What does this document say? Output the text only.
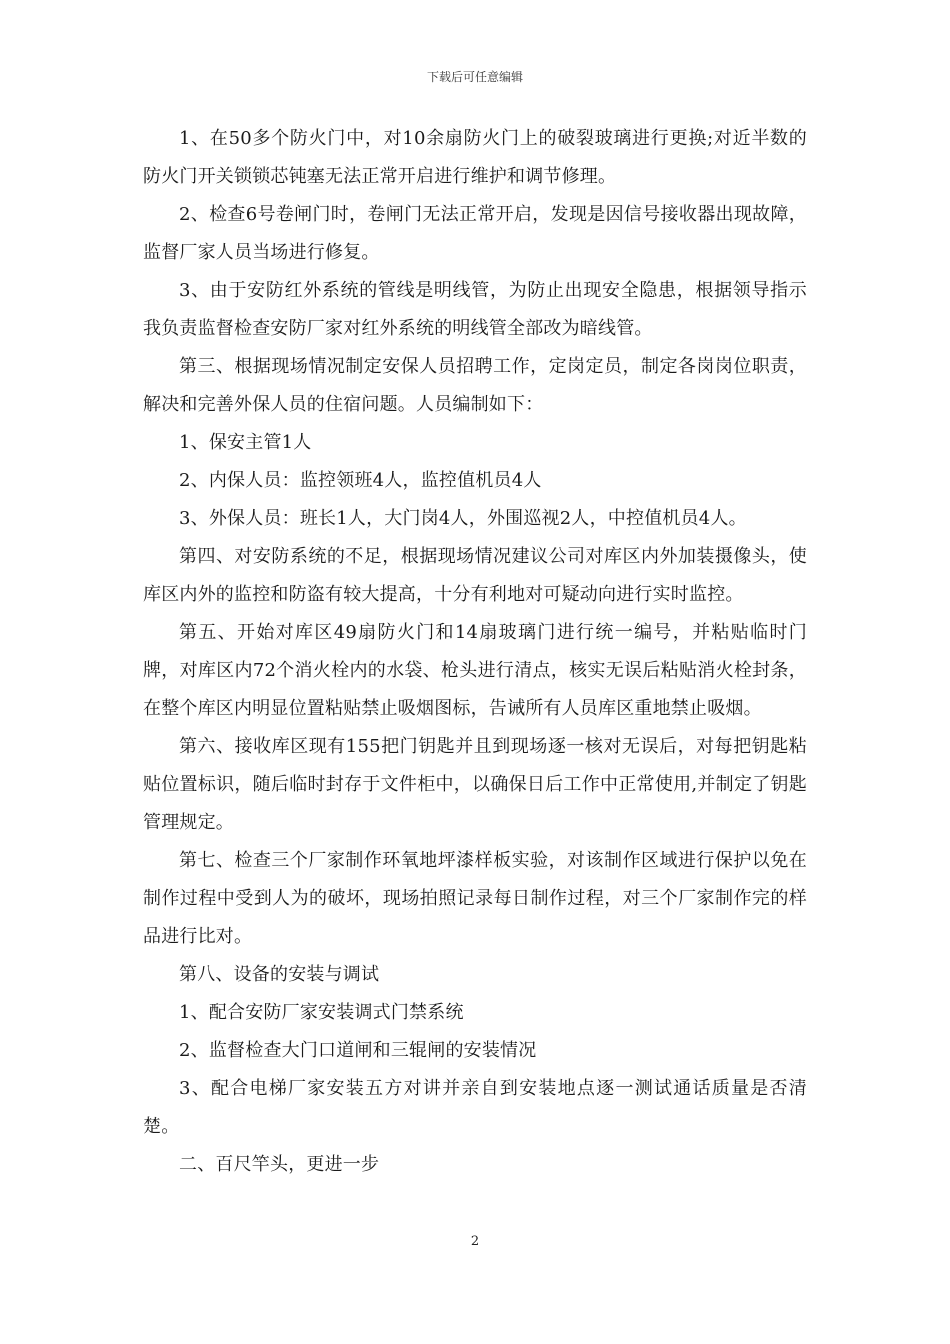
下载后可任意编辑

1、在50多个防火门中，对10余扇防火门上的破裂玻璃进行更换;对近半数的防火门开关锁锁芯钝塞无法正常开启进行维护和调节修理。

2、检查6号卷闸门时，卷闸门无法正常开启，发现是因信号接收器出现故障，监督厂家人员当场进行修复。

3、由于安防红外系统的管线是明线管，为防止出现安全隐患，根据领导指示我负责监督检查安防厂家对红外系统的明线管全部改为暗线管。

第三、根据现场情况制定安保人员招聘工作，定岗定员，制定各岗岗位职责，解决和完善外保人员的住宿问题。人员编制如下：

1、保安主管1人

2、内保人员：监控领班4人，监控值机员4人

3、外保人员：班长1人，大门岗4人，外围巡视2人，中控值机员4人。

第四、对安防系统的不足，根据现场情况建议公司对库区内外加装摄像头，使库区内外的监控和防盗有较大提高，十分有利地对可疑动向进行实时监控。

第五、开始对库区49扇防火门和14扇玻璃门进行统一编号，并粘贴临时门牌，对库区内72个消火栓内的水袋、枪头进行清点，核实无误后粘贴消火栓封条，在整个库区内明显位置粘贴禁止吸烟图标，告诫所有人员库区重地禁止吸烟。

第六、接收库区现有155把门钥匙并且到现场逐一核对无误后，对每把钥匙粘贴位置标识，随后临时封存于文件柜中，以确保日后工作中正常使用,并制定了钥匙管理规定。

第七、检查三个厂家制作环氧地坪漆样板实验，对该制作区域进行保护以免在制作过程中受到人为的破坏，现场拍照记录每日制作过程，对三个厂家制作完的样品进行比对。

第八、设备的安装与调试

1、配合安防厂家安装调式门禁系统

2、监督检查大门口道闸和三辊闸的安装情况

3、配合电梯厂家安装五方对讲并亲自到安装地点逐一测试通话质量是否清楚。

二、百尺竿头，更进一步

2
